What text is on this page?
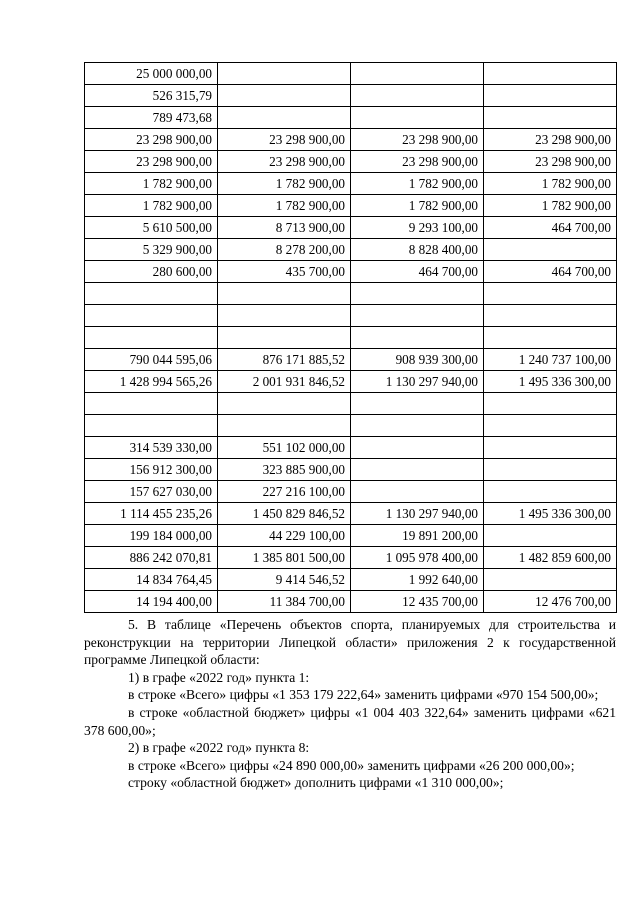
25 000 000,00			
526 315,79			
789 473,68			
23 298 900,00	23 298 900,00	23 298 900,00	23 298 900,00
23 298 900,00	23 298 900,00	23 298 900,00	23 298 900,00
1 782 900,00	1 782 900,00	1 782 900,00	1 782 900,00
1 782 900,00	1 782 900,00	1 782 900,00	1 782 900,00
5 610 500,00	8 713 900,00	9 293 100,00	464 700,00
5 329 900,00	8 278 200,00	8 828 400,00	
280 600,00	435 700,00	464 700,00	464 700,00

790 044 595,06	876 171 885,52	908 939 300,00	1 240 737 100,00
1 428 994 565,26	2 001 931 846,52	1 130 297 940,00	1 495 336 300,00

314 539 330,00	551 102 000,00		
156 912 300,00	323 885 900,00		
157 627 030,00	227 216 100,00		
1 114 455 235,26	1 450 829 846,52	1 130 297 940,00	1 495 336 300,00
199 184 000,00	44 229 100,00	19 891 200,00	
886 242 070,81	1 385 801 500,00	1 095 978 400,00	1 482 859 600,00
14 834 764,45	9 414 546,52	1 992 640,00	
14 194 400,00	11 384 700,00	12 435 700,00	12 476 700,00

5. В таблице «Перечень объектов спорта, планируемых для строительства и реконструкции на территории Липецкой области» приложения 2 к государственной программе Липецкой области:

1) в графе «2022 год» пункта 1:

в строке «Всего» цифры «1 353 179 222,64» заменить цифрами «970 154 500,00»;

в строке «областной бюджет» цифры «1 004 403 322,64» заменить цифрами «621 378 600,00»;

2) в графе «2022 год» пункта 8:

в строке «Всего» цифры «24 890 000,00» заменить цифрами «26 200 000,00»;

строку «областной бюджет» дополнить цифрами «1 310 000,00»;
